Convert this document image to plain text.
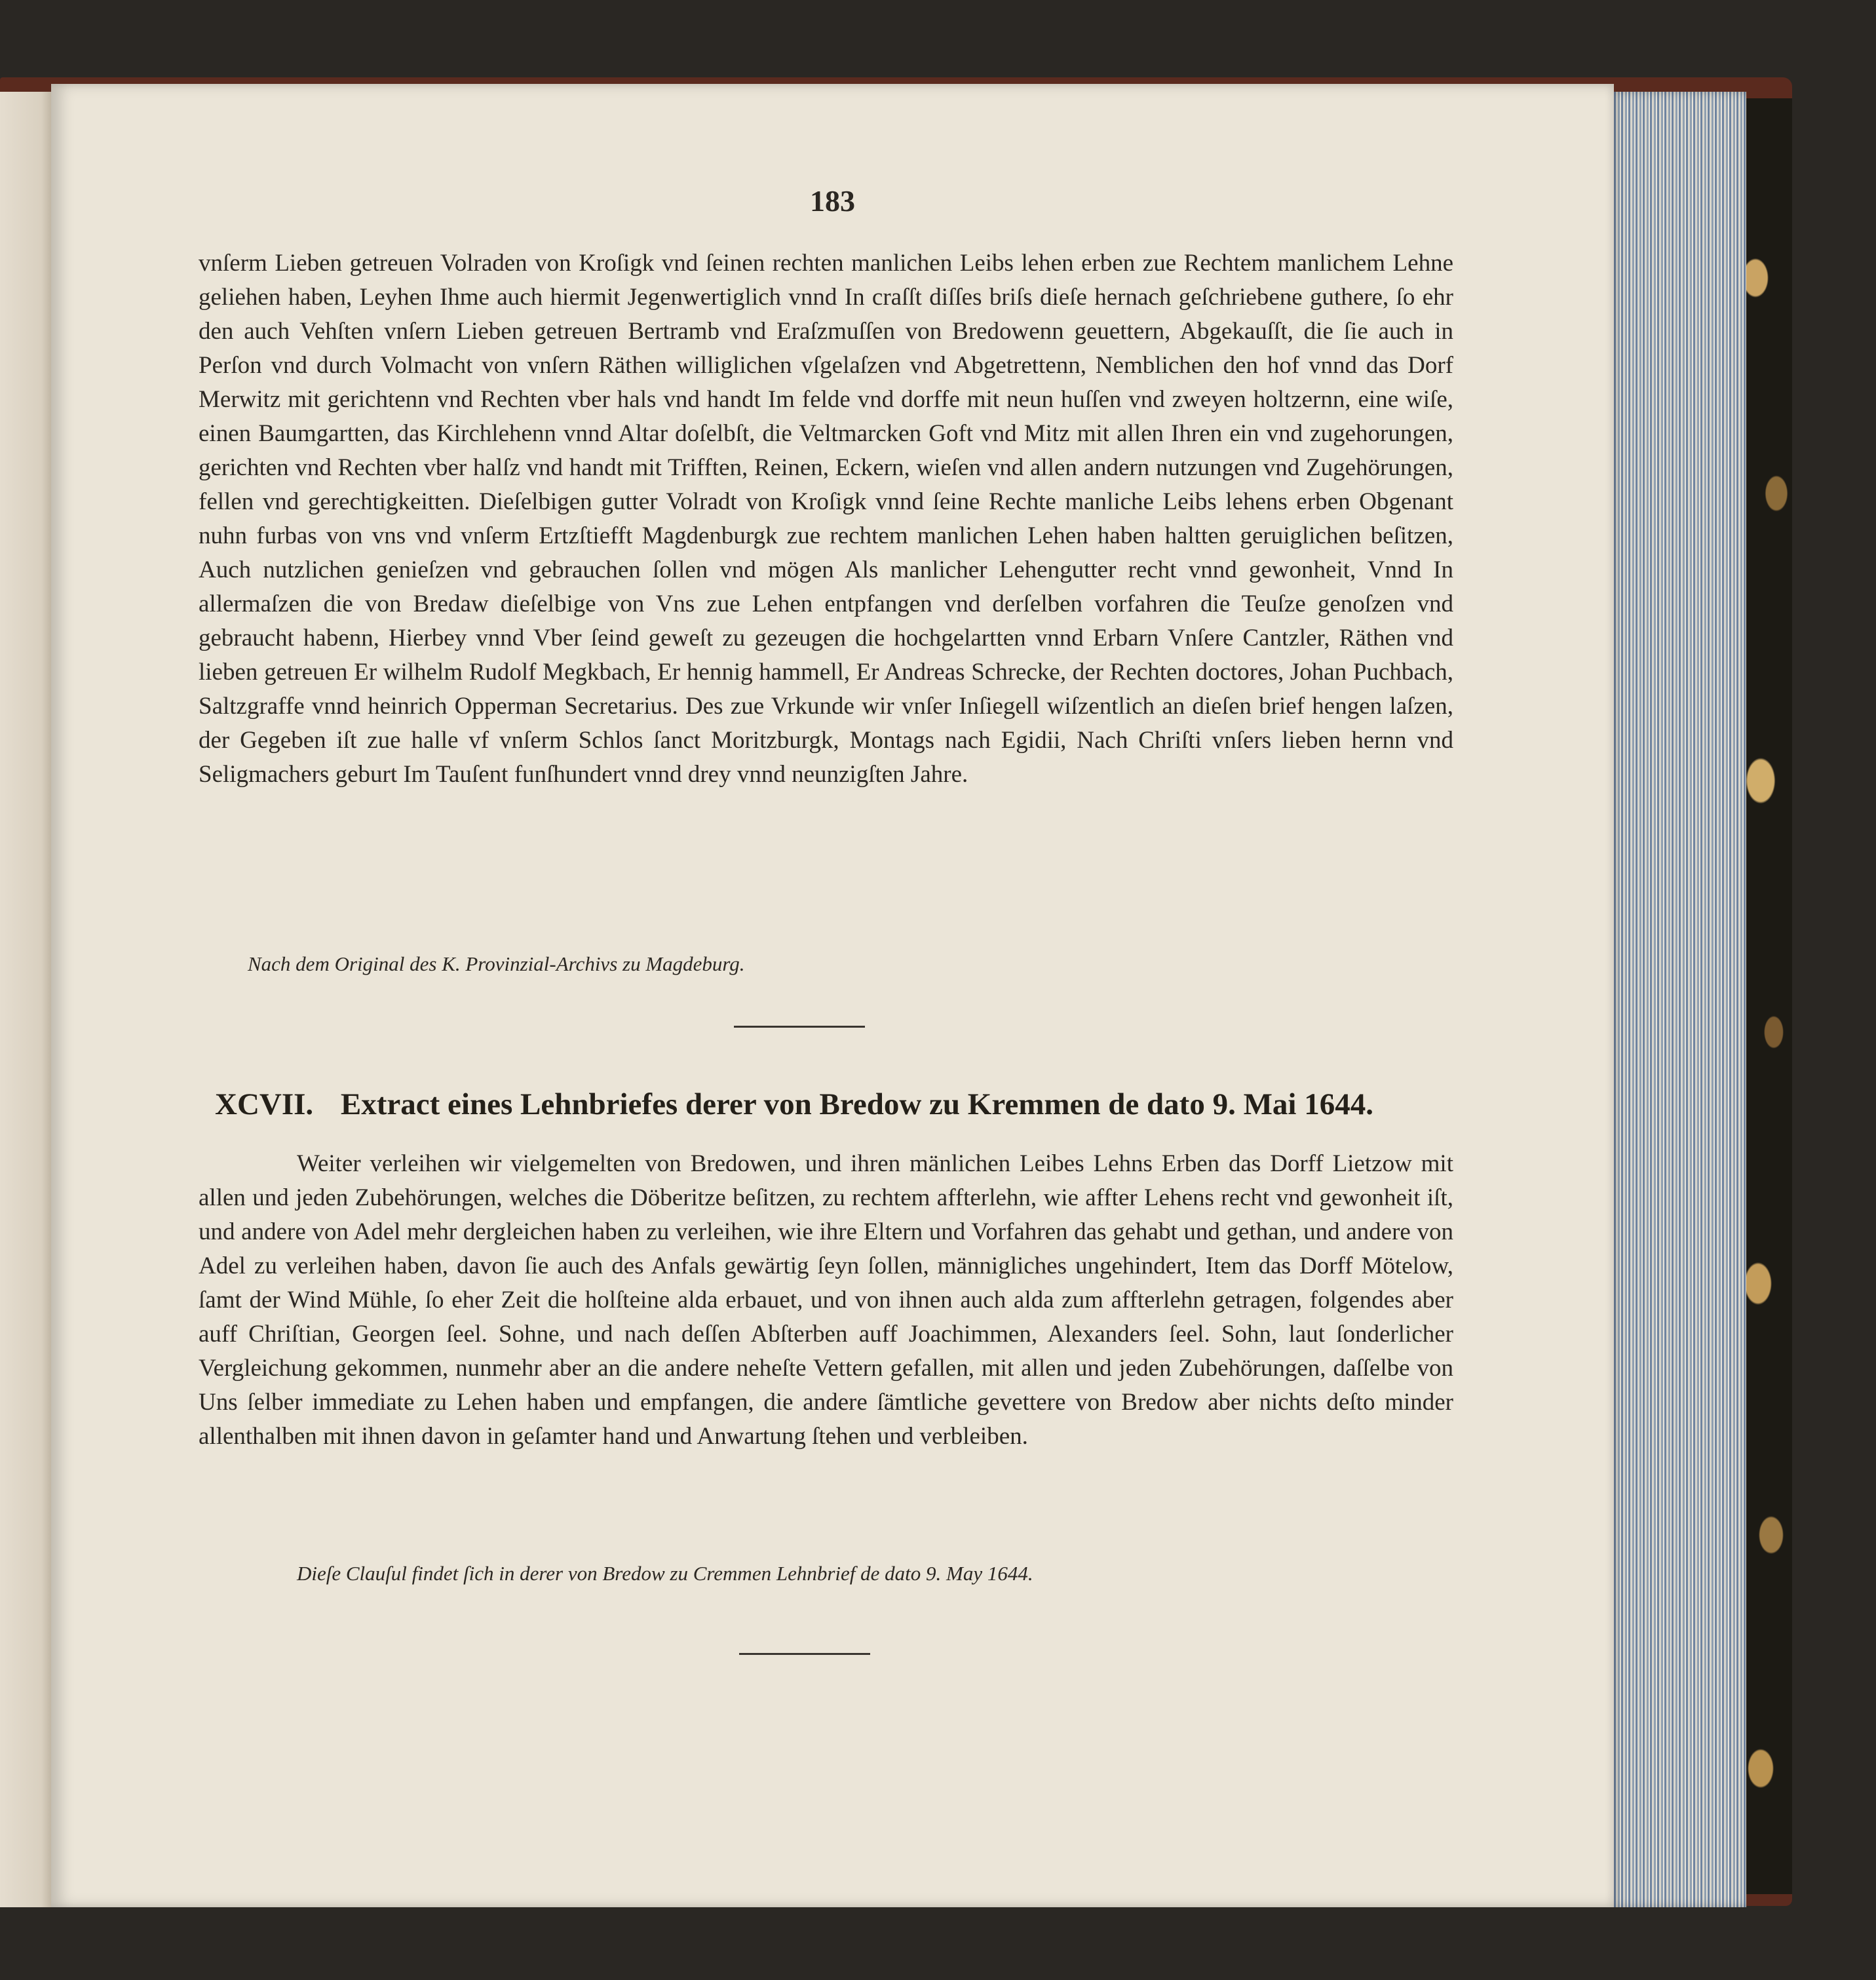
183

vnſerm Lieben getreuen Volraden von Kroſigk vnd ſeinen rechten manlichen Leibs lehen erben zue Rechtem manlichem Lehne geliehen haben, Leyhen Ihme auch hiermit Jegenwertiglich vnnd In craſſt diſſes briſs dieſe hernach geſchriebene guthere, ſo ehr den auch Vehſten vnſern Lieben getreuen Bertramb vnd Eraſzmuſſen von Bredowenn geuettern, Abgekauſſt, die ſie auch in Perſon vnd durch Volmacht von vnſern Räthen williglichen vſgelaſzen vnd Abgetrettenn, Nemblichen den hof vnnd das Dorf Merwitz mit gerichtenn vnd Rechten vber hals vnd handt Im felde vnd dorffe mit neun huſſen vnd zweyen holtzernn, eine wiſe, einen Baumgartten, das Kirchlehenn vnnd Altar doſelbſt, die Veltmarcken Goft vnd Mitz mit allen Ihren ein vnd zugehorungen, gerichten vnd Rechten vber halſz vnd handt mit Trifften, Reinen, Eckern, wieſen vnd allen andern nutzungen vnd Zugehörungen, fellen vnd gerechtigkeitten. Dieſelbigen gutter Volradt von Kroſigk vnnd ſeine Rechte manliche Leibs lehens erben Obgenant nuhn furbas von vns vnd vnſerm Ertzſtiefft Magdenburgk zue rechtem manlichen Lehen haben haltten geruiglichen beſitzen, Auch nutzlichen genieſzen vnd gebrauchen ſollen vnd mögen Als manlicher Lehengutter recht vnnd gewonheit, Vnnd In allermaſzen die von Bredaw dieſelbige von Vns zue Lehen entpfangen vnd derſelben vorfahren die Teuſze genoſzen vnd gebraucht habenn, Hierbey vnnd Vber ſeind geweſt zu gezeugen die hochgelartten vnnd Erbarn Vnſere Cantzler, Räthen vnd lieben getreuen Er wilhelm Rudolf Megkbach, Er hennig hammell, Er Andreas Schrecke, der Rechten doctores, Johan Puchbach, Saltzgraffe vnnd heinrich Opperman Secretarius. Des zue Vrkunde wir vnſer Inſiegell wiſzentlich an dieſen brief hengen laſzen, der Gegeben iſt zue halle vf vnſerm Schlos ſanct Moritzburgk, Montags nach Egidii, Nach Chriſti vnſers lieben hernn vnd Seligmachers geburt Im Tauſent funſhundert vnnd drey vnnd neunzigſten Jahre.

Nach dem Original des K. Provinzial-Archivs zu Magdeburg.
XCVII. Extract eines Lehnbriefes derer von Bredow zu Kremmen de dato 9. Mai 1644.

Weiter verleihen wir vielgemelten von Bredowen, und ihren mänlichen Leibes Lehns Erben das Dorff Lietzow mit allen und jeden Zubehörungen, welches die Döberitze beſitzen, zu rechtem affterlehn, wie affter Lehens recht vnd gewonheit iſt, und andere von Adel mehr dergleichen haben zu verleihen, wie ihre Eltern und Vorfahren das gehabt und gethan, und andere von Adel zu verleihen haben, davon ſie auch des Anfals gewärtig ſeyn ſollen, männigliches ungehindert, Item das Dorff Mötelow, ſamt der Wind Mühle, ſo eher Zeit die holſteine alda erbauet, und von ihnen auch alda zum affterlehn getragen, folgendes aber auff Chriſtian, Georgen ſeel. Sohne, und nach deſſen Abſterben auff Joachimmen, Alexanders ſeel. Sohn, laut ſonderlicher Vergleichung gekommen, nunmehr aber an die andere neheſte Vettern gefallen, mit allen und jeden Zubehörungen, daſſelbe von Uns ſelber immediate zu Lehen haben und empfangen, die andere ſämtliche gevettere von Bredow aber nichts deſto minder allenthalben mit ihnen davon in geſamter hand und Anwartung ſtehen und verbleiben.

Dieſe Clauſul findet ſich in derer von Bredow zu Cremmen Lehnbrief de dato 9. May 1644.
